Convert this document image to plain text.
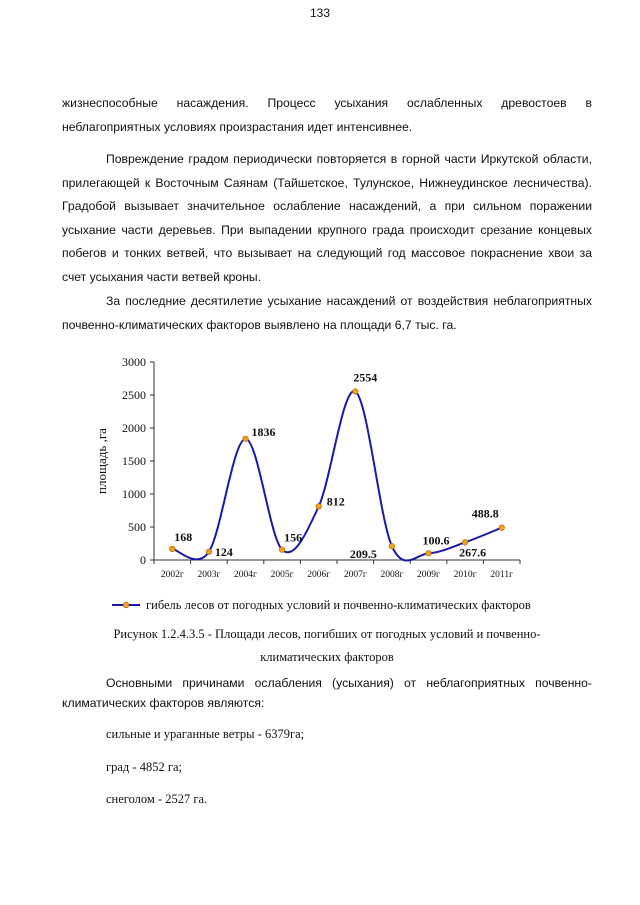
133

жизнеспособные насаждения. Процесс усыхания ослабленных древостоев в неблагоприятных условиях произрастания идет интенсивнее.

Повреждение градом периодически повторяется в горной части Иркутской области, прилегающей к Восточным Саянам (Тайшетское, Тулунское, Нижнеудинское лесничества). Градобой вызывает значительное ослабление насаждений, а при сильном поражении усыхание части деревьев. При выпадении крупного града происходит срезание концевых побегов и тонких ветвей, что вызывает на следующий год массовое покраснение хвои за счет усыхания части ветвей кроны.

За последние десятилетие усыхание насаждений от воздействия неблагоприятных почвенно-климатических факторов выявлено на площади 6,7 тыс. га.

0
500
1000
1500
2000
2500
3000
2002г 2003г 2004г 2005г 2006г 2007г 2008г 2009г 2010г 2011г
площадь ,га
168
124
1836
156
812
2554
209.5
100.6
267.6
488.8
гибель лесов от погодных условий и почвенно-климатических факторов
Рисунок 1.2.4.3.5 - Площади лесов, погибших от погодных условий и почвенно-
климатических факторов

Основными причинами ослабления (усыхания) от неблагоприятных почвенно-климатических факторов являются:

сильные и ураганные ветры - 6379га;
град - 4852 га;
снеголом - 2527 га.
